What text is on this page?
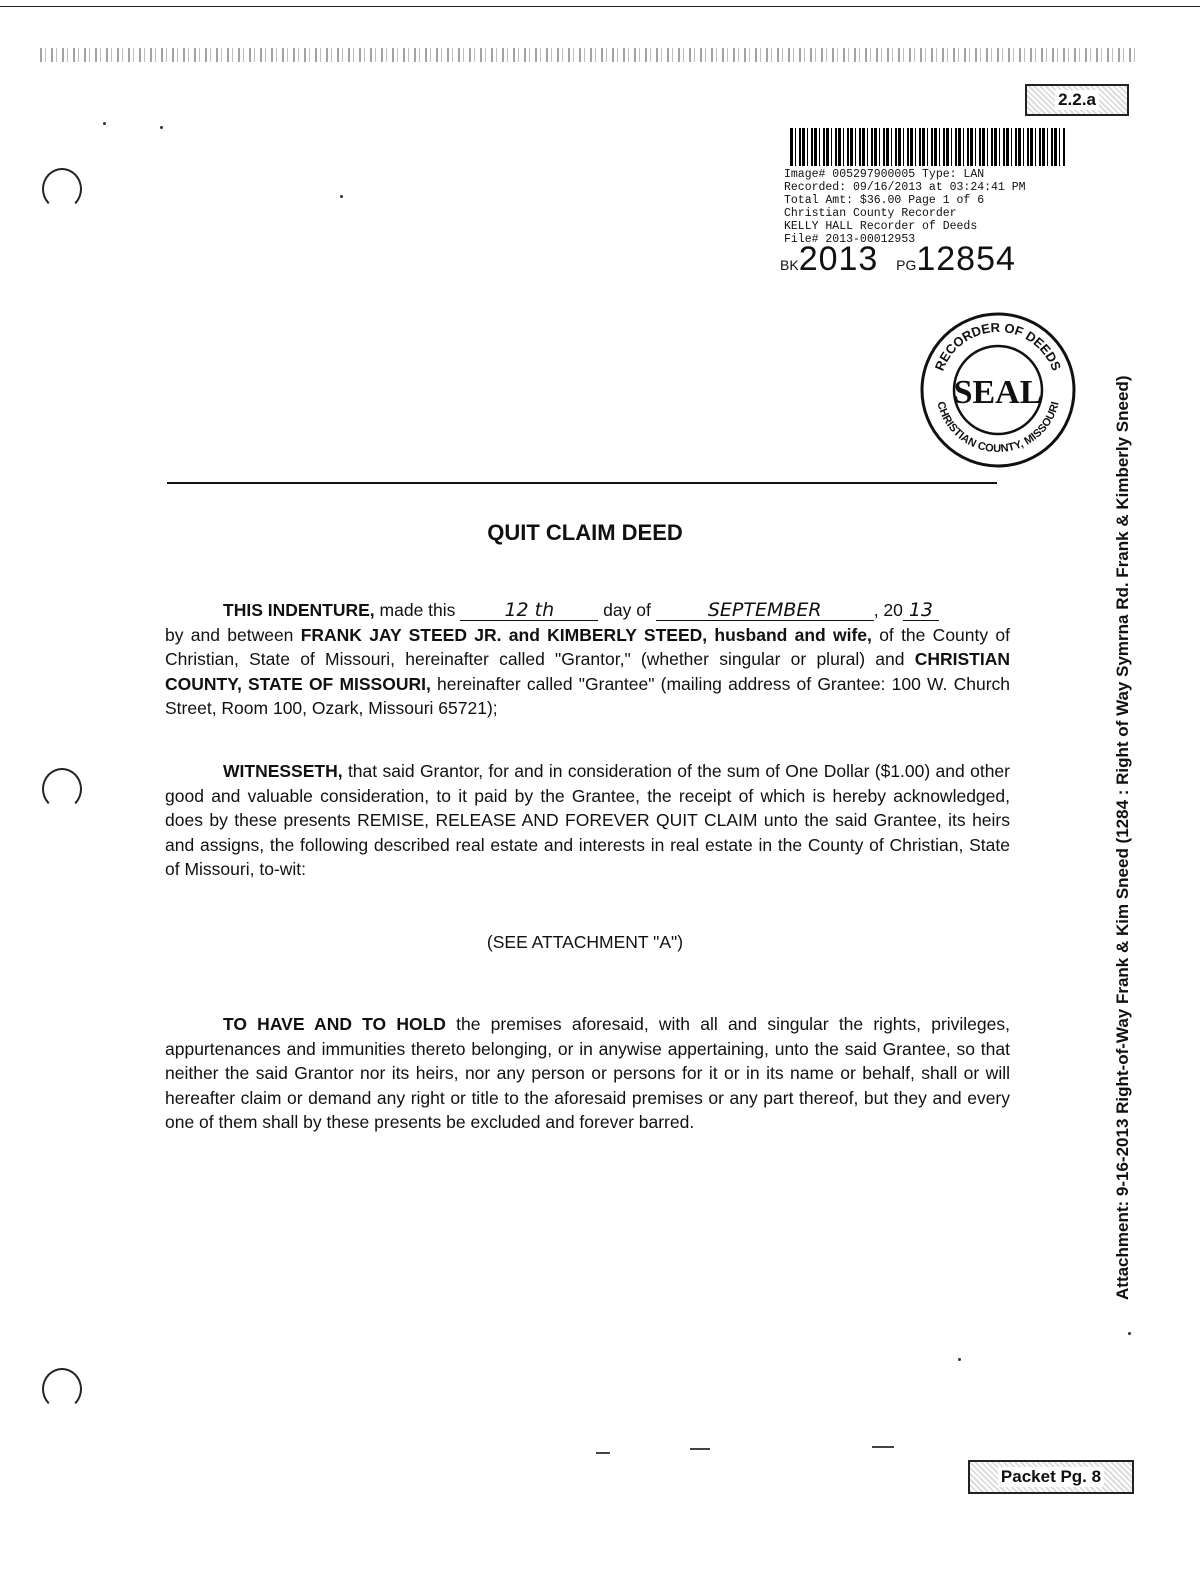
2.2.a
Image# 005297900005 Type: LAN
Recorded: 09/16/2013 at 03:24:41 PM
Total Amt: $36.00 Page 1 of 6
Christian County Recorder
KELLY HALL Recorder of Deeds
File# 2013-00012953
BK2013 PG12854
RECORDER OF DEEDS
CHRISTIAN COUNTY, MISSOURI
SEAL
QUIT CLAIM DEED
THIS INDENTURE, made this 12 th	day of	SEPTEMBER	, 20 13
by and between FRANK JAY STEED JR. and KIMBERLY STEED, husband and wife, of the County of Christian, State of Missouri, hereinafter called "Grantor," (whether singular or plural) and CHRISTIAN COUNTY, STATE OF MISSOURI, hereinafter called "Grantee" (mailing address of Grantee: 100 W. Church Street, Room 100, Ozark, Missouri 65721);
WITNESSETH, that said Grantor, for and in consideration of the sum of One Dollar ($1.00) and other good and valuable consideration, to it paid by the Grantee, the receipt of which is hereby acknowledged, does by these presents REMISE, RELEASE AND FOREVER QUIT CLAIM unto the said Grantee, its heirs and assigns, the following described real estate and interests in real estate in the County of Christian, State of Missouri, to-wit:
(SEE ATTACHMENT "A")
TO HAVE AND TO HOLD the premises aforesaid, with all and singular the rights, privileges, appurtenances and immunities thereto belonging, or in anywise appertaining, unto the said Grantee, so that neither the said Grantor nor its heirs, nor any person or persons for it or in its name or behalf, shall or will hereafter claim or demand any right or title to the aforesaid premises or any part thereof, but they and every one of them shall by these presents be excluded and forever barred.	Attachment: 9-16-2013 Right-of-Way Frank & Kim Sneed (1284 : Right of Way Symrna Rd. Frank & Kimberly Sneed)
Packet Pg. 8
